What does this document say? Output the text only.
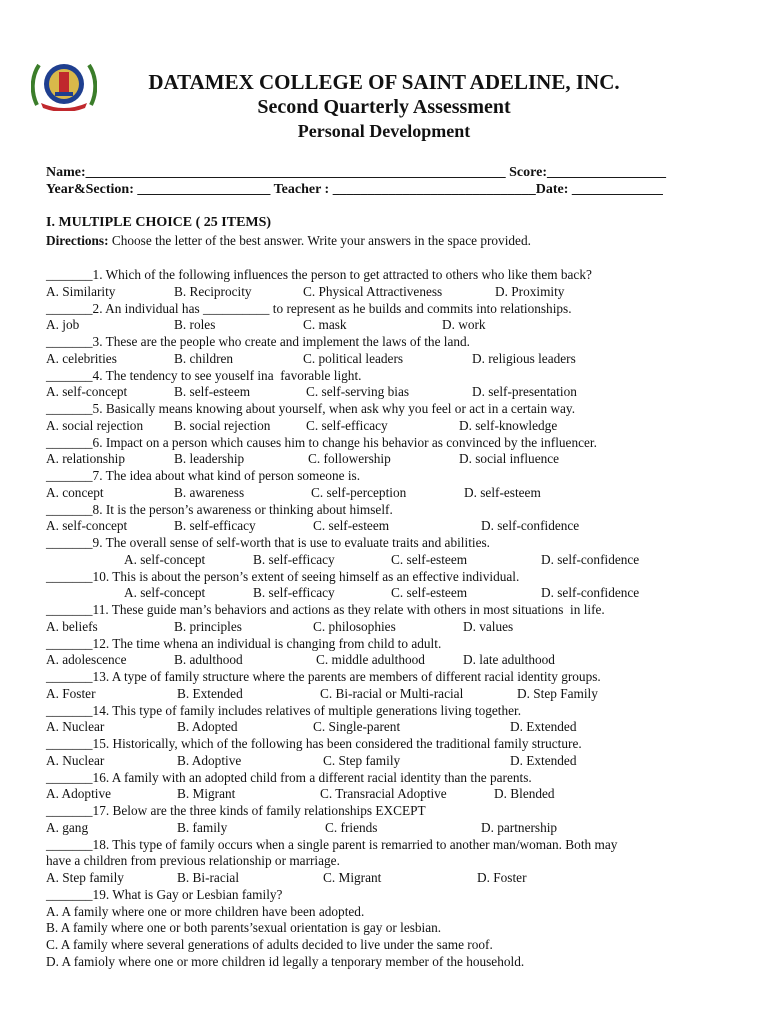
DATAMEX COLLEGE OF SAINT ADELINE, INC.
Second Quarterly Assessment
Personal Development
Name:____________________________________________________________ Score:_________________
Year&Section: ___________________ Teacher : _____________________________Date: _____________
I. MULTIPLE CHOICE ( 25 ITEMS)

Directions: Choose the letter of the best answer. Write your answers in the space provided.

_______1. Which of the following influences the person to get attracted to others who like them back?
A. Similarity	B. Reciprocity	C. Physical Attractiveness	D. Proximity
_______2. An individual has __________ to represent as he builds and commits into relationships.
A. job	B. roles	C. mask	D. work
_______3. These are the people who create and implement the laws of the land.
A. celebrities	B. children	C. political leaders	D. religious leaders
_______4. The tendency to see youself ina  favorable light.
A. self-concept	B. self-esteem	C. self-serving bias	D. self-presentation
_______5. Basically means knowing about yourself, when ask why you feel or act in a certain way.
A. social rejection B. social rejection	C. self-efficacy	D. self-knowledge
_______6. Impact on a person which causes him to change his behavior as convinced by the influencer.
A. relationship	B. leadership	C. followership	D. social influence
_______7. The idea about what kind of person someone is.
A. concept	B. awareness	C. self-perception	D. self-esteem
_______8. It is the person’s awareness or thinking about himself.
A. self-concept	B. self-efficacy	C. self-esteem	D. self-confidence
_______9. The overall sense of self-worth that is use to evaluate traits and abilities.
A. self-concept	B. self-efficacy	C. self-esteem	D. self-confidence
_______10. This is about the person’s extent of seeing himself as an effective individual.
A. self-concept	B. self-efficacy	C. self-esteem	D. self-confidence
_______11. These guide man’s behaviors and actions as they relate with others in most situations  in life.
A. beliefs	B. principles	C. philosophies	D. values
_______12. The time whena an individual is changing from child to adult.
A. adolescence	B. adulthood	C. middle adulthood	D. late adulthood
_______13. A type of family structure where the parents are members of different racial identity groups.
A. Foster	B. Extended	C. Bi-racial or Multi-racial	D. Step Family
_______14. This type of family includes relatives of multiple generations living together.
A. Nuclear	B. Adopted	C. Single-parent	D. Extended
_______15. Historically, which of the following has been considered the traditional family structure.
A. Nuclear	B. Adoptive	C. Step family	D. Extended
_______16. A family with an adopted child from a different racial identity than the parents.
A. Adoptive	B. Migrant	C. Transracial Adoptive	D. Blended
_______17. Below are the three kinds of family relationships EXCEPT
A. gang	B. family	C. friends	D. partnership
_______18. This type of family occurs when a single parent is remarried to another man/woman. Both may
have a children from previous relationship or marriage.
A. Step family	B. Bi-racial	C. Migrant	D. Foster
_______19. What is Gay or Lesbian family?
A. A family where one or more children have been adopted.
B. A family where one or both parents’sexual orientation is gay or lesbian.
C. A family where several generations of adults decided to live under the same roof.
D. A famioly where one or more children id legally a tenporary member of the household.
